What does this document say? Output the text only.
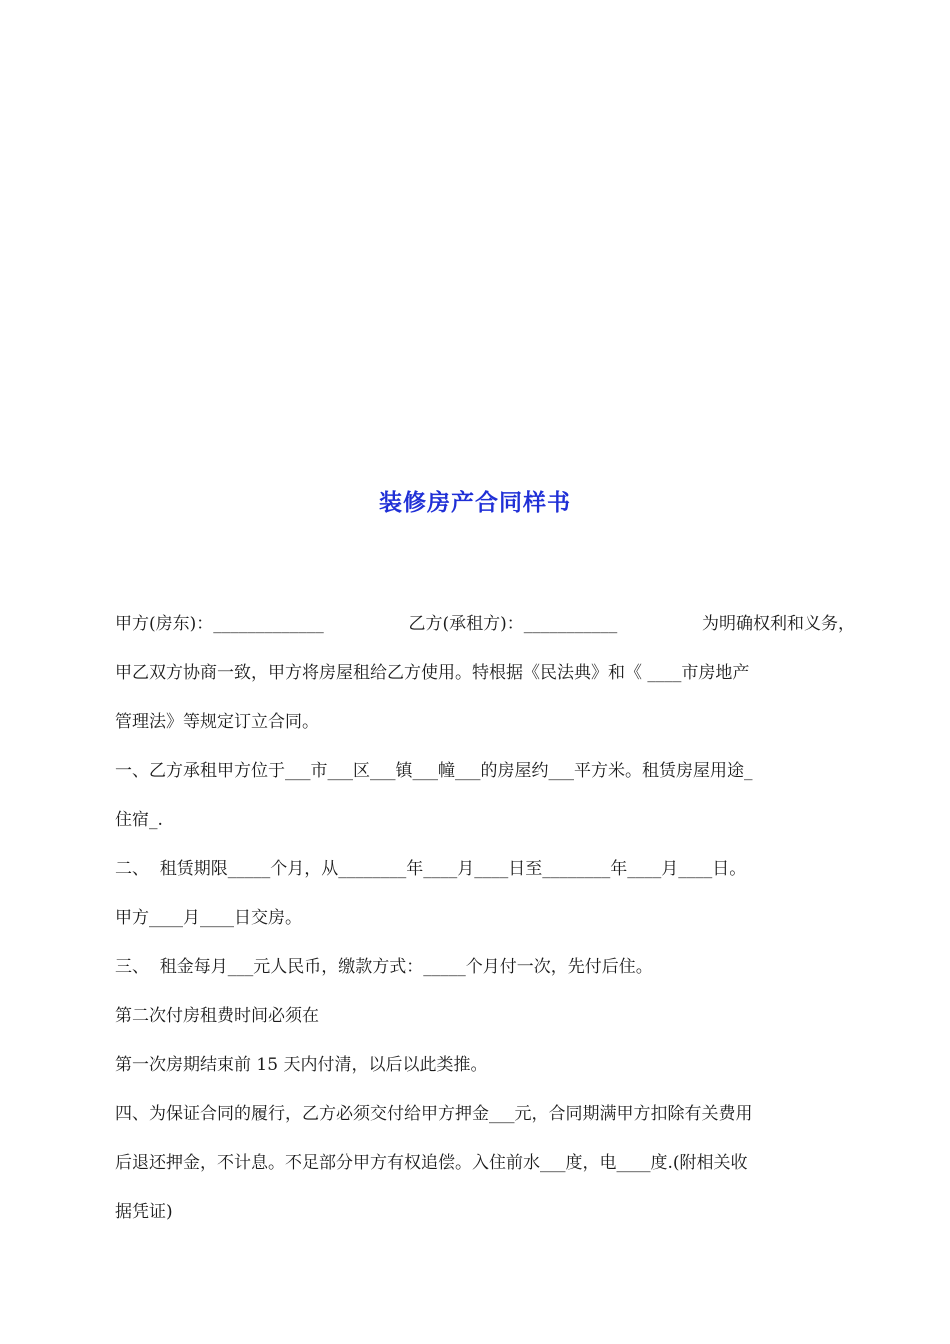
装修房产合同样书
甲方(房东)：_____________	乙方(承租方)：___________	为明确权利和义务，
甲乙双方协商一致，甲方将房屋租给乙方使用。特根据《民法典》和《 ____市房地产
管理法》等规定订立合同。
一、乙方承租甲方位于___市___区___镇___幢___的房屋约___平方米。租赁房屋用途_
住宿_.
二、  租赁期限_____个月，从________年____月____日至________年____月____日。
甲方____月____日交房。
三、  租金每月___元人民币，缴款方式：_____个月付一次，先付后住。
第二次付房租费时间必须在
第一次房期结束前 15 天内付清，以后以此类推。
四、为保证合同的履行，乙方必须交付给甲方押金___元，合同期满甲方扣除有关费用
后退还押金，不计息。不足部分甲方有权追偿。入住前水___度，电____度.(附相关收
据凭证)
